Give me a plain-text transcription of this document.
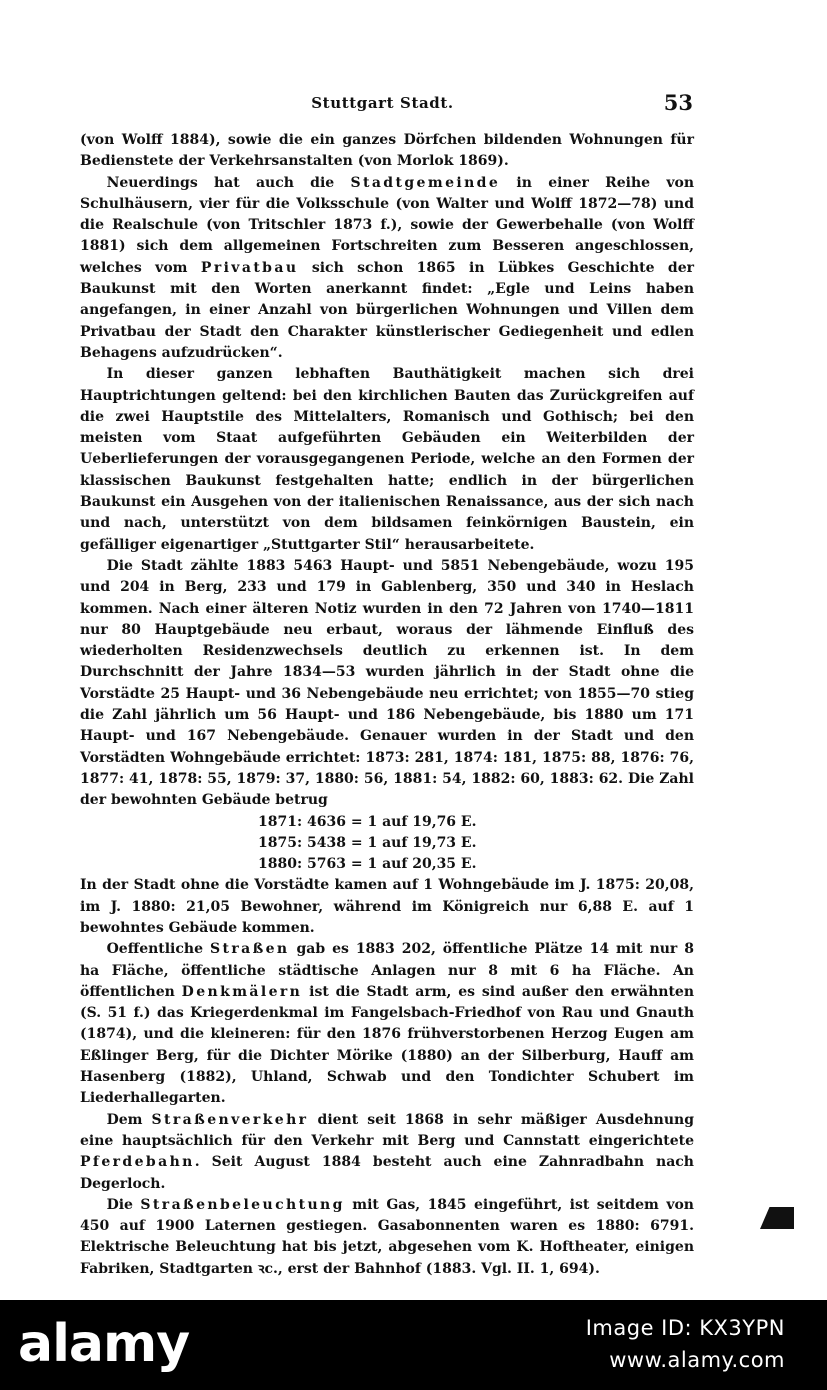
Stuttgart Stadt.	53

(von Wolff 1884), sowie die ein ganzes Dörfchen bildenden Wohnungen für Bedienstete der Verkehrsanstalten (von Morlok 1869).

Neuerdings hat auch die Stadtgemeinde in einer Reihe von Schulhäusern, vier für die Volksschule (von Walter und Wolff 1872—78) und die Realschule (von Tritschler 1873 f.), sowie der Gewerbehalle (von Wolff 1881) sich dem allgemeinen Fortschreiten zum Besseren angeschlossen, welches vom Privatbau sich schon 1865 in Lübkes Geschichte der Baukunst mit den Worten anerkannt findet: „Egle und Leins haben angefangen, in einer Anzahl von bürgerlichen Wohnungen und Villen dem Privatbau der Stadt den Charakter künstlerischer Gediegenheit und edlen Behagens aufzudrücken“.

In dieser ganzen lebhaften Bauthätigkeit machen sich drei Hauptrichtungen geltend: bei den kirchlichen Bauten das Zurückgreifen auf die zwei Hauptstile des Mittelalters, Romanisch und Gothisch; bei den meisten vom Staat aufgeführten Gebäuden ein Weiterbilden der Ueberlieferungen der vorausgegangenen Periode, welche an den Formen der klassischen Baukunst festgehalten hatte; endlich in der bürgerlichen Baukunst ein Ausgehen von der italienischen Renaissance, aus der sich nach und nach, unterstützt von dem bildsamen feinkörnigen Baustein, ein gefälliger eigenartiger „Stuttgarter Stil“ herausarbeitete.

Die Stadt zählte 1883 5463 Haupt- und 5851 Nebengebäude, wozu 195 und 204 in Berg, 233 und 179 in Gablenberg, 350 und 340 in Heslach kommen. Nach einer älteren Notiz wurden in den 72 Jahren von 1740—1811 nur 80 Hauptgebäude neu erbaut, woraus der lähmende Einfluß des wiederholten Residenzwechsels deutlich zu erkennen ist. In dem Durchschnitt der Jahre 1834—53 wurden jährlich in der Stadt ohne die Vorstädte 25 Haupt- und 36 Nebengebäude neu errichtet; von 1855—70 stieg die Zahl jährlich um 56 Haupt- und 186 Nebengebäude, bis 1880 um 171 Haupt- und 167 Nebengebäude. Genauer wurden in der Stadt und den Vorstädten Wohngebäude errichtet: 1873: 281, 1874: 181, 1875: 88, 1876: 76, 1877: 41, 1878: 55, 1879: 37, 1880: 56, 1881: 54, 1882: 60, 1883: 62. Die Zahl der bewohnten Gebäude betrug

1871: 4636 = 1 auf 19,76 E.
1875: 5438 = 1 auf 19,73 E.
1880: 5763 = 1 auf 20,35 E.

In der Stadt ohne die Vorstädte kamen auf 1 Wohngebäude im J. 1875: 20,08, im J. 1880: 21,05 Bewohner, während im Königreich nur 6,88 E. auf 1 bewohntes Gebäude kommen.

Oeffentliche Straßen gab es 1883 202, öffentliche Plätze 14 mit nur 8 ha Fläche, öffentliche städtische Anlagen nur 8 mit 6 ha Fläche. An öffentlichen Denkmälern ist die Stadt arm, es sind außer den erwähnten (S. 51 f.) das Kriegerdenkmal im Fangelsbach-Friedhof von Rau und Gnauth (1874), und die kleineren: für den 1876 frühverstorbenen Herzog Eugen am Eßlinger Berg, für die Dichter Mörike (1880) an der Silberburg, Hauff am Hasenberg (1882), Uhland, Schwab und den Tondichter Schubert im Liederhallegarten.

Dem Straßenverkehr dient seit 1868 in sehr mäßiger Ausdehnung eine hauptsächlich für den Verkehr mit Berg und Cannstatt eingerichtete Pferdebahn. Seit August 1884 besteht auch eine Zahnradbahn nach Degerloch.

Die Straßenbeleuchtung mit Gas, 1845 eingeführt, ist seitdem von 450 auf 1900 Laternen gestiegen. Gasabonnenten waren es 1880: 6791. Elektrische Beleuchtung hat bis jetzt, abgesehen vom K. Hoftheater, einigen Fabriken, Stadtgarten ꝛc., erst der Bahnhof (1883. Vgl. II. 1, 694).

alamy	Image ID: KX3YPN
www.alamy.com
